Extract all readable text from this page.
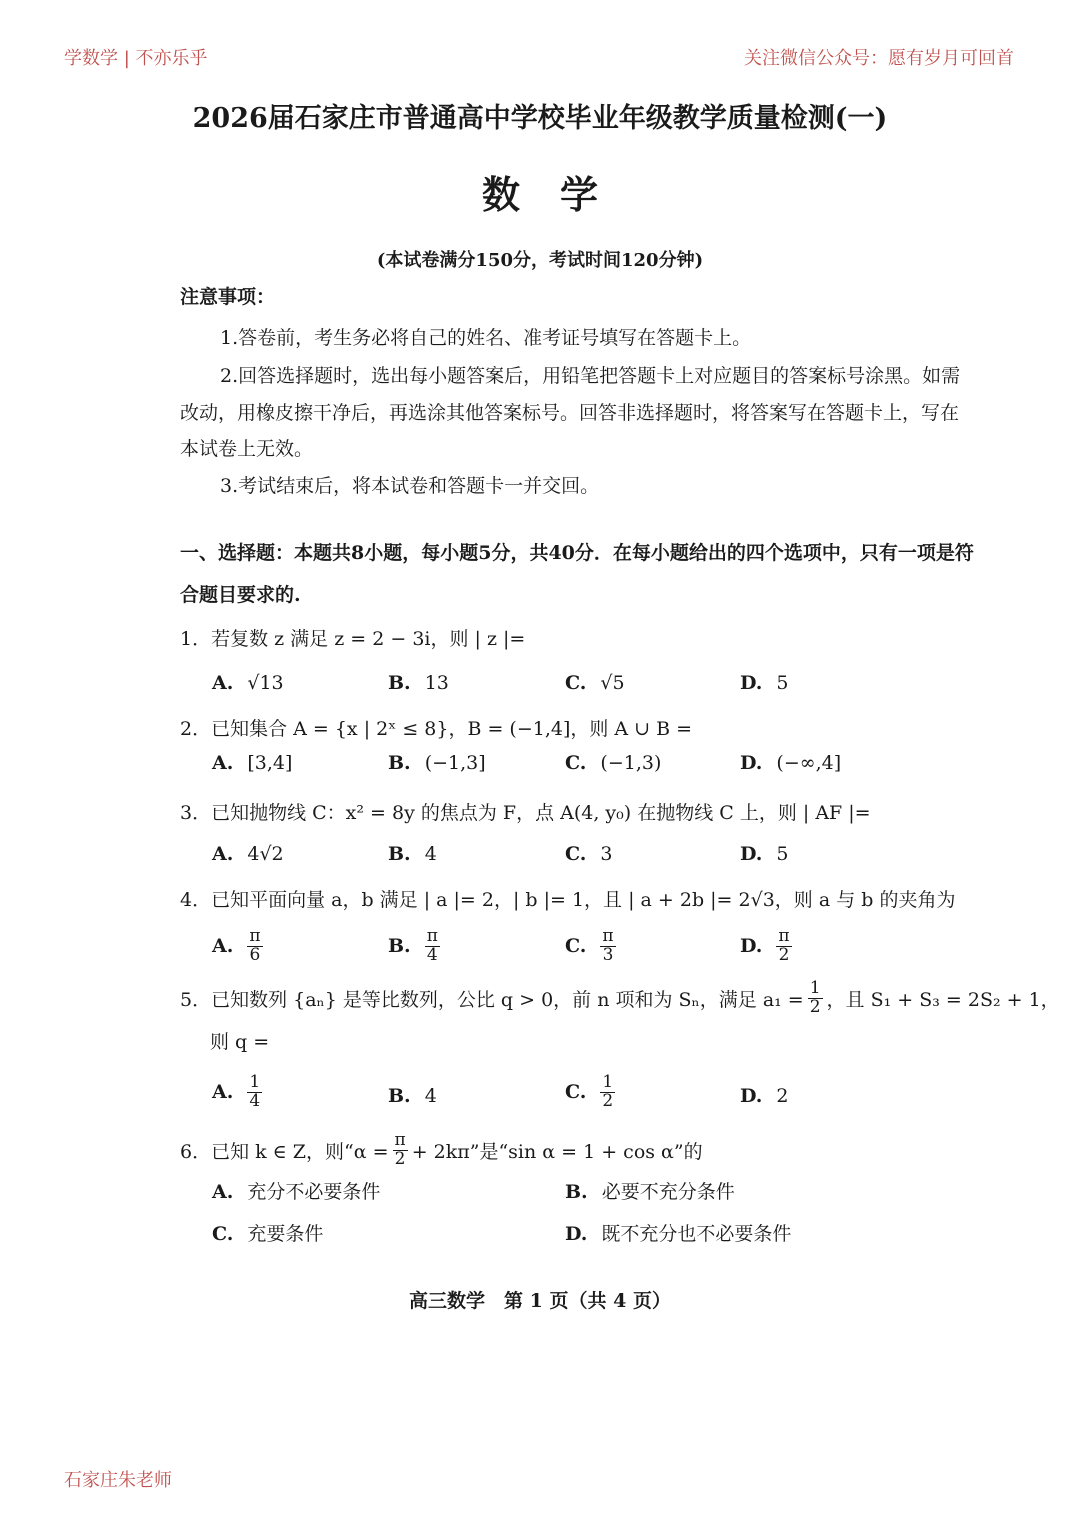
学数学 | 不亦乐乎	关注微信公众号：愿有岁月可回首
2026届石家庄市普通高中学校毕业年级教学质量检测(一)
数学
(本试卷满分150分，考试时间120分钟)
注意事项：
1.答卷前，考生务必将自己的姓名、准考证号填写在答题卡上。
2.回答选择题时，选出每小题答案后，用铅笔把答题卡上对应题目的答案标号涂黑。如需
改动，用橡皮擦干净后，再选涂其他答案标号。回答非选择题时，将答案写在答题卡上，写在
本试卷上无效。
3.考试结束后，将本试卷和答题卡一并交回。
一、选择题：本题共8小题，每小题5分，共40分．在每小题给出的四个选项中，只有一项是符
合题目要求的.
1．若复数 z 满足 z = 2 − 3i，则 | z |=
A. √13	B. 13	C. √5	D. 5
2．已知集合 A = {x | 2ˣ ≤ 8}，B = (−1,4]，则 A ∪ B =
A. [3,4]	B. (−1,3]	C. (−1,3)	D. (−∞,4]
3．已知抛物线 C：x² = 8y 的焦点为 F，点 A(4, y₀) 在抛物线 C 上，则 | AF |=
A. 4√2	B. 4	C. 3	D. 5
4．已知平面向量 a，b 满足 | a |= 2，| b |= 1，且 | a + 2b |= 2√3，则 a 与 b 的夹角为
A. $\frac{\pi}{6}$	B. $\frac{\pi}{4}$	C. $\frac{\pi}{3}$	D. $\frac{\pi}{2}$
5．已知数列 {aₙ} 是等比数列，公比 q > 0，前 n 项和为 Sₙ，满足 $a_1 = \frac{1}{2}$ ，且 S₁ + S₃ = 2S₂ + 1，
则 q =
A. $\frac{1}{4}$	B. 4	C. $\frac{1}{2}$	D. 2
6．已知 k ∈ Z，则“$\alpha = \frac{\pi}{2} + 2k\pi$”是“sin α = 1 + cos α”的
A. 充分不必要条件	B. 必要不充分条件
C. 充要条件	D. 既不充分也不必要条件
高三数学　第 1 页（共 4 页）
石家庄朱老师
